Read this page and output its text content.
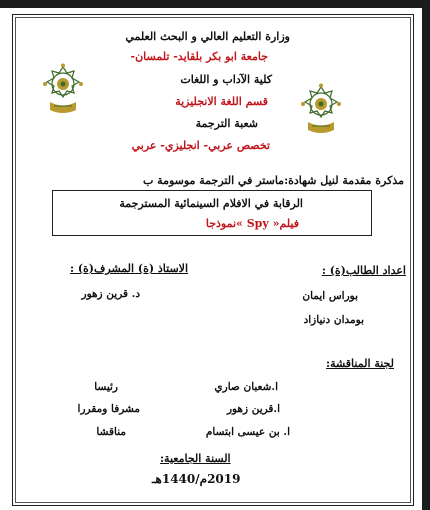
وزارة التعليم العالي و البحث العلمي
جامعة ابو بكر بلقايد- تلمسان-
كلية الآداب و اللغات
قسم اللغة الانجليزية
شعبة الترجمة
تخصص عربي- انجليزي- عربي
مذكرة مقدمة لنيل شهادة:ماستر في الترجمة موسومة ب
الرقابة في الافلام السينمائية المسترجمة
فيلم« Spy »نموذجا
اعداد الطالب(ة) :
الاستاذ (ة) المشرف(ة) :
بوراس ايمان
بومدان دنيازاد
د. قرين زهور
لجنة المناقشة:
ا.شعبان صاري
رئيسا
ا.قرين زهور
مشرفا ومقررا
ا. بن عيسى ابتسام
مناقشا
السنة الجامعية:
2019م/1440هـ
